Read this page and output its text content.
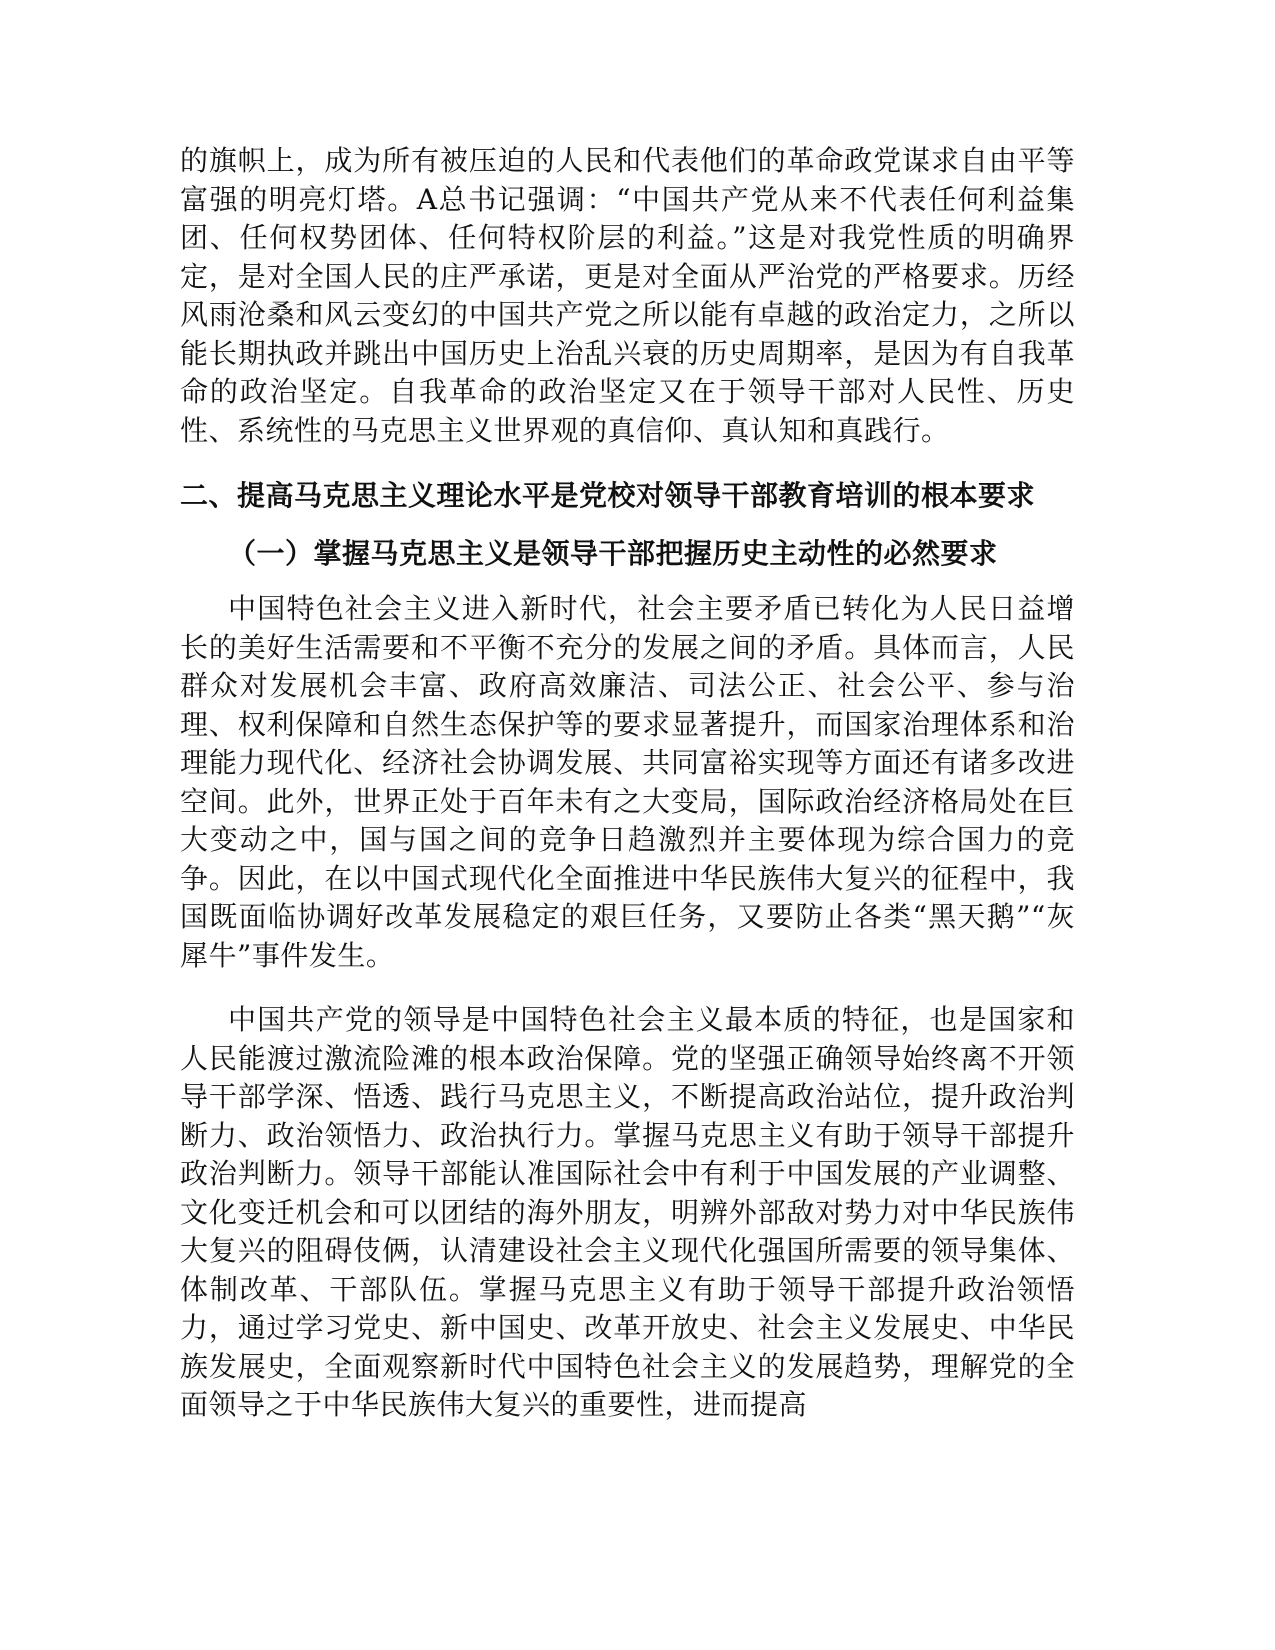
的旗帜上，成为所有被压迫的人民和代表他们的革命政党谋求自由平等富强的明亮灯塔。A总书记强调：“中国共产党从来不代表任何利益集团、任何权势团体、任何特权阶层的利益。”这是对我党性质的明确界定，是对全国人民的庄严承诺，更是对全面从严治党的严格要求。历经风雨沧桑和风云变幻的中国共产党之所以能有卓越的政治定力，之所以能长期执政并跳出中国历史上治乱兴衰的历史周期率，是因为有自我革命的政治坚定。自我革命的政治坚定又在于领导干部对人民性、历史性、系统性的马克思主义世界观的真信仰、真认知和真践行。

二、提高马克思主义理论水平是党校对领导干部教育培训的根本要求
（一）掌握马克思主义是领导干部把握历史主动性的必然要求

中国特色社会主义进入新时代，社会主要矛盾已转化为人民日益增长的美好生活需要和不平衡不充分的发展之间的矛盾。具体而言，人民群众对发展机会丰富、政府高效廉洁、司法公正、社会公平、参与治理、权利保障和自然生态保护等的要求显著提升，而国家治理体系和治理能力现代化、经济社会协调发展、共同富裕实现等方面还有诸多改进空间。此外，世界正处于百年未有之大变局，国际政治经济格局处在巨大变动之中，国与国之间的竞争日趋激烈并主要体现为综合国力的竞争。因此，在以中国式现代化全面推进中华民族伟大复兴的征程中，我国既面临协调好改革发展稳定的艰巨任务，又要防止各类“黑天鹅”“灰犀牛”事件发生。

中国共产党的领导是中国特色社会主义最本质的特征，也是国家和人民能渡过激流险滩的根本政治保障。党的坚强正确领导始终离不开领导干部学深、悟透、践行马克思主义，不断提高政治站位，提升政治判断力、政治领悟力、政治执行力。掌握马克思主义有助于领导干部提升政治判断力。领导干部能认准国际社会中有利于中国发展的产业调整、文化变迁机会和可以团结的海外朋友，明辨外部敌对势力对中华民族伟大复兴的阻碍伎俩，认清建设社会主义现代化强国所需要的领导集体、体制改革、干部队伍。掌握马克思主义有助于领导干部提升政治领悟力，通过学习党史、新中国史、改革开放史、社会主义发展史、中华民族发展史，全面观察新时代中国特色社会主义的发展趋势，理解党的全面领导之于中华民族伟大复兴的重要性，进而提高
